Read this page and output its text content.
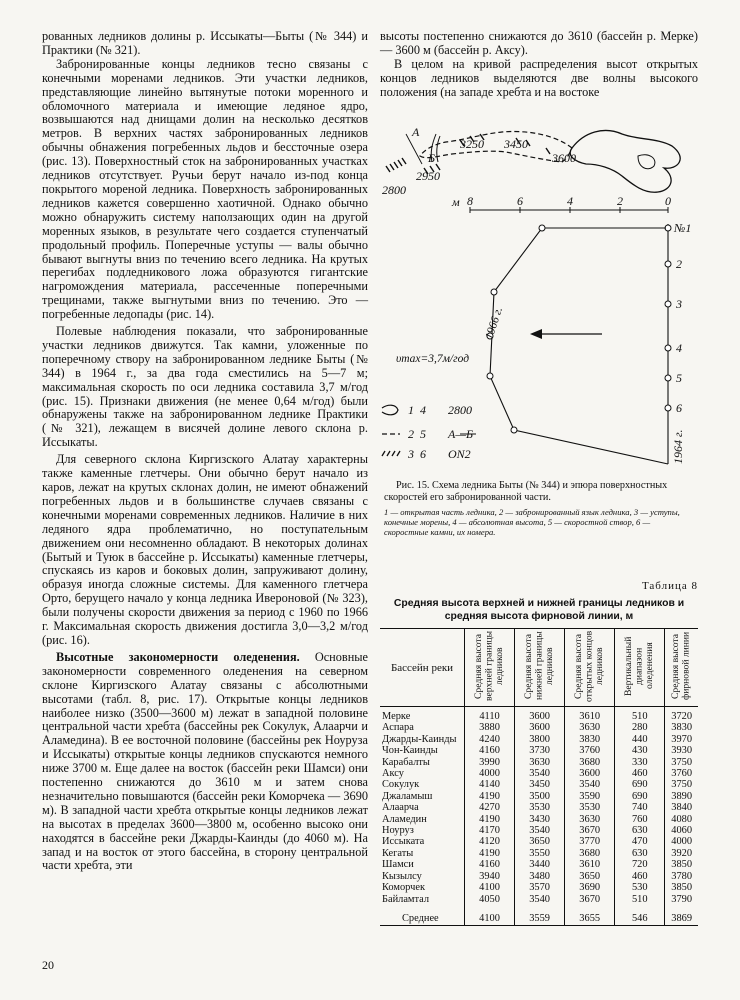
рованных ледников долины р. Иссыкаты—Быты (№ 344) и Практики (№ 321).

Забронированные концы ледников тесно связаны с конечными моренами ледников. Эти участки ледников, представляющие линейно вытянутые потоки моренного и обломочного материала и имеющие ледяное ядро, возвышаются над днищами долин на несколько десятков метров. В верхних частях забронированных ледников обычны обнажения погребенных льдов и бессточные озера (рис. 13). Поверхностный сток на забронированных участках ледников отсутствует. Ручьи берут начало из-под конца покрытого мореной ледника. Поверхность забронированных ледников кажется совершенно хаотичной. Однако обычно можно обнаружить систему наползающих один на другой моренных языков, в результате чего создается ступенчатый продольный профиль. Поперечные уступы — валы обычно бывают выгнуты вниз по течению всего ледника. На крутых перегибах подледникового ложа образуются гигантские нагромождения материала, рассеченные поперечными трещинами, также выгнутыми вниз по течению. Это — погребенные ледопады (рис. 14).

Полевые наблюдения показали, что забронированные участки ледников движутся. Так камни, уложенные по поперечному створу на забронированном леднике Быты (№ 344) в 1964 г., за два года сместились на 5—7 м; максимальная скорость по оси ледника составила 3,7 м/год (рис. 15). Признаки движения (не менее 0,64 м/год) были обнаружены также на забронированном леднике Практики (№ 321), лежащем в висячей долине левого склона р. Иссыкаты.

Для северного склона Киргизского Алатау характерны также каменные глетчеры. Они обычно берут начало из каров, лежат на крутых склонах долин, не имеют обнажений погребенных льдов и в большинстве случаев связаны с конечными моренами современных ледников. Наличие в них ледяного ядра проблематично, но поступательным движением они несомненно обладают. В некоторых долинах (Бытый и Туюк в бассейне р. Иссыкаты) каменные глетчеры, спускаясь из каров и боковых долин, запруживают долину, образуя иногда сложные системы. Для каменного глетчера Орто, берущего начало у конца ледника Ивероновой (№ 323), были получены скорости движения за период с 1960 по 1966 г. Максимальная скорость движения достигла 3,0—3,2 м/год (рис. 16).

Высотные закономерности оледенения. Основные закономерности современного оледенения на северном склоне Киргизского Алатау связаны с абсолютными высотами (табл. 8, рис. 17). Открытые концы ледников наиболее низко (3500—3600 м) лежат в западной половине центральной части хребта (бассейны рек Сокулук, Алаарчи и Аламедина). В ее восточной половине (бассейны рек Ноуруза и Иссыкаты) открытые концы ледников спускаются немного ниже 3700 м. Еще далее на восток (бассейн реки Шамси) они постепенно снижаются до 3610 м и затем снова незначительно повышаются (бассейн реки Коморчека — 3690 м). В западной части хребта открытые концы ледников лежат на высотах в пределах 3600—3800 м, особенно высоко они находятся в бассейне реки Джарды-Каинды (до 4060 м). На запад и на восток от этого бассейна, в сторону центральной части хребта, эти

высоты постепенно снижаются до 3610 (бассейн р. Мерке) — 3600 м (бассейн р. Аксу).

В целом на кривой распределения высот открытых концов ледников выделяются две волны высокого положения (на западе хребта и на востоке

А
Б
2950
2800
3250 3450
3600
м 8	6	4	2	0
№1
2
3
4
5
6
1964 г.
1966 г.
υmax=3,7м/год
1
2
3
4
5
6
2800
А—Б
ON2
Рис. 15. Схема ледника Быты (№ 344) и эпюра поверхностных скоростей его забронированной части.
1 — открытая часть ледника, 2 — забронированный язык ледника, 3 — уступы, конечные морены, 4 — абсолютная высота, 5 — скоростной створ, 6 — скоростные камни, их номера.
Таблица 8
Средняя высота верхней и нижней границы ледников и средняя высота фирновой линии, м
Бассейн реки	Средняя высота верхней границы ледников	Средняя высота нижней границы ледников	Средняя высота открытых концов ледников	Вертикальный диапазон оледенения	Средняя высота фирновой линии
Мерке	4110	3600	3610	510	3720
Аспара	3880	3600	3630	280	3830
Джарды-Каинды	4240	3800	3830	440	3970
Чон-Каинды	4160	3730	3760	430	3930
Карабалты	3990	3630	3680	330	3750
Аксу	4000	3540	3600	460	3760
Сокулук	4140	3450	3540	690	3750
Джаламыш	4190	3500	3590	690	3890
Алаарча	4270	3530	3530	740	3840
Аламедин	4190	3430	3630	760	4080
Ноуруз	4170	3540	3670	630	4060
Иссыката	4120	3650	3770	470	4000
Кегаты	4190	3550	3680	630	3920
Шамси	4160	3440	3610	720	3850
Кызылсу	3940	3480	3650	460	3780
Коморчек	4100	3570	3690	530	3850
Байламтал	4050	3540	3670	510	3790
Среднее	4100	3559	3655	546	3869
20
